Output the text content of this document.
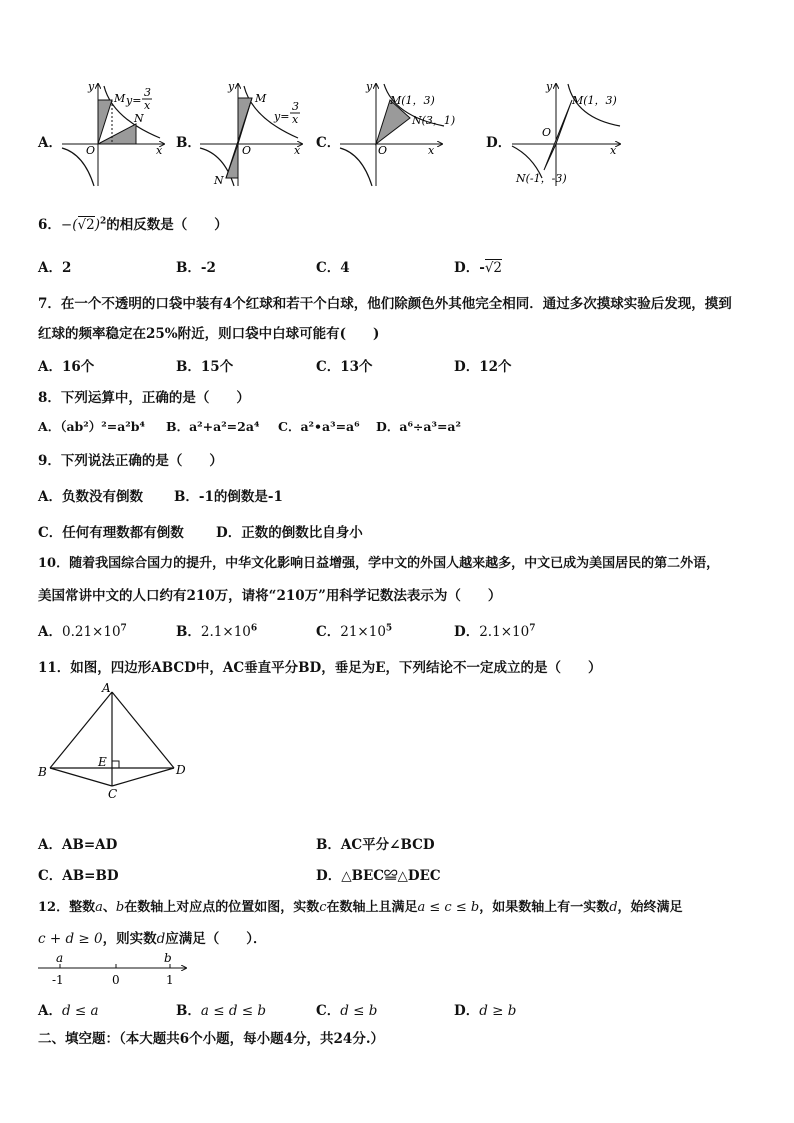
A．
y
x
O
M
N
y=
3
x
B．
y
x
O
M
N
y=
3
x
C．
y
x
O
M(1，3)
N(3，1)
D．
y
x
O
M(1，3)
N(-1，-3)
6．$-(√2)^2$的相反数是（　　）
A．2	B．-2	C．4	D．-√2
7．在一个不透明的口袋中装有4个红球和若干个白球，他们除颜色外其他完全相同．通过多次摸球实验后发现，摸到
红球的频率稳定在25%附近，则口袋中白球可能有(　　)
A．16个	B．15个	C．13个	D．12个
8．下列运算中，正确的是（　　）
A．（ab²）²=a²b⁴ B．a²+a²=2a⁴ C．a²•a³=a⁶ D．a⁶÷a³=a²
9．下列说法正确的是（　　）
A．负数没有倒数 B．-1的倒数是-1
C．任何有理数都有倒数 D．正数的倒数比自身小
10．随着我国综合国力的提升，中华文化影响日益增强，学中文的外国人越来越多，中文已成为美国居民的第二外语，
美国常讲中文的人口约有210万，请将“210万”用科学记数法表示为（　　）
A．$0.21\times 10^7$	B．$2.1\times 10^6$	C．$21\times 10^5$	D．$2.1\times 10^7$
11．如图，四边形ABCD中，AC垂直平分BD，垂足为E，下列结论不一定成立的是（　　）
A
B
C
D
E
A．AB=AD	B．AC平分∠BCD
C．AB=BD	D．△BEC≌△DEC
12．整数a、b在数轴上对应点的位置如图，实数c在数轴上且满足a ≤ c ≤ b，如果数轴上有一实数d，始终满足
c + d ≥ 0，则实数d应满足（　　）．
a	b
-1	0	1
A．d ≤ a	B．a ≤ d ≤ b	C．d ≤ b	D．d ≥ b
二、填空题：（本大题共6个小题，每小题4分，共24分.）
